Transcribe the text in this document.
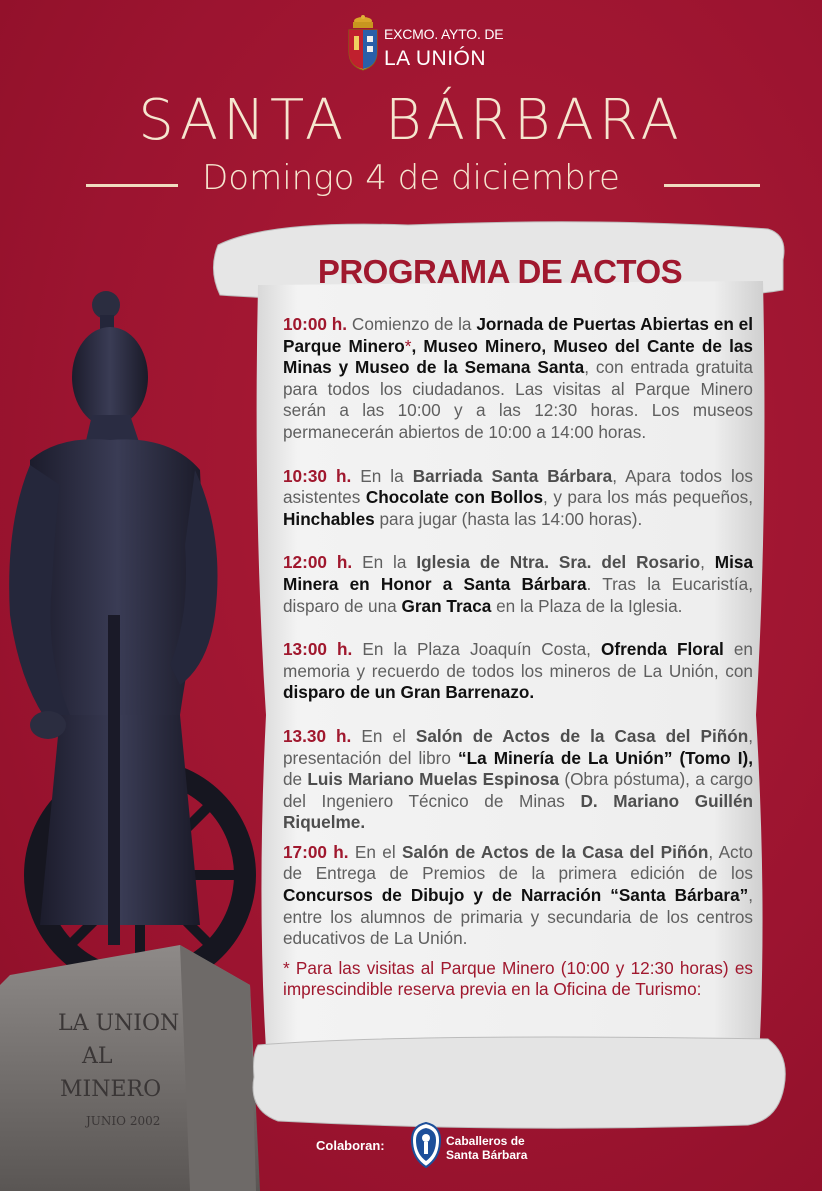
EXCMO. AYTO. DE
LA UNIÓN
SANTA BÁRBARA
Domingo 4 de diciembre
LA UNION
AL
MINERO
JUNIO 2002
PROGRAMA DE ACTOS

10:00 h. Comienzo de la Jornada de Puertas Abiertas en el Parque Minero*, Museo Minero, Museo del Cante de las Minas y Museo de la Semana Santa, con entrada gratuita para todos los ciudadanos. Las visitas al Parque Minero serán a las 10:00 y a las 12:30 horas. Los museos permanecerán abiertos de 10:00 a 14:00 horas.

10:30 h. En la Barriada Santa Bárbara, Apara todos los asistentes Chocolate con Bollos, y para los más pequeños, Hinchables para jugar (hasta las 14:00 horas).

12:00 h. En la Iglesia de Ntra. Sra. del Rosario, Misa Minera en Honor a Santa Bárbara. Tras la Eucaristía, disparo de una Gran Traca en la Plaza de la Iglesia.

13:00 h. En la Plaza Joaquín Costa, Ofrenda Floral en memoria y recuerdo de todos los mineros de La Unión, con disparo de un Gran Barrenazo.

13.30 h. En el Salón de Actos de la Casa del Piñón, presentación del libro “La Minería de La Unión” (Tomo I), de Luis Mariano Muelas Espinosa (Obra póstuma), a cargo del Ingeniero Técnico de Minas D. Mariano Guillén Riquelme.

17:00 h. En el Salón de Actos de la Casa del Piñón, Acto de Entrega de Premios de la primera edición de los Concursos de Dibujo y de Narración “Santa Bárbara”, entre los alumnos de primaria y secundaria de los centros educativos de La Unión.

* Para las visitas al Parque Minero (10:00 y 12:30 horas) es imprescindible reserva previa en la Oficina de Turismo:

Colaboran:	Caballeros de
Santa Bárbara
